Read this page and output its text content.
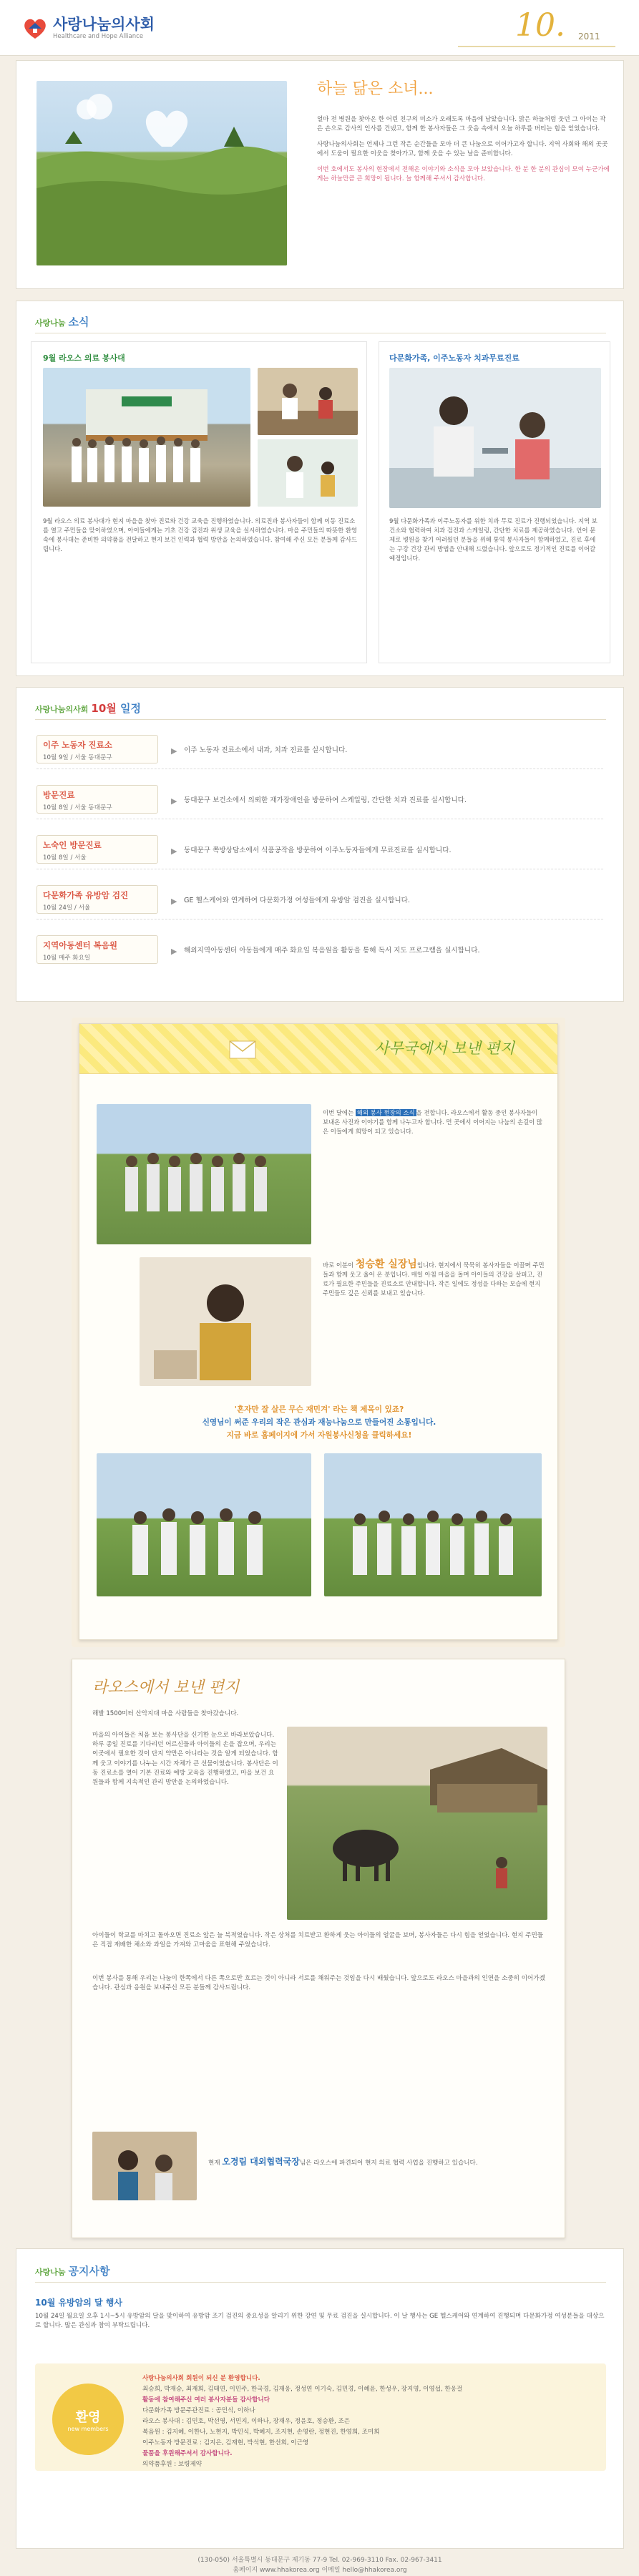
사랑나눔의사회
Healthcare and Hope Alliance	10. 2011
하늘 닮은 소녀...

얼마 전 병원을 찾아온 한 어린 친구의 미소가 오래도록 마음에 남았습니다. 맑은 하늘처럼 웃던 그 아이는 작은 손으로 감사의 인사를 건넸고, 함께 한 봉사자들은 그 웃음 속에서 오늘 하루를 버티는 힘을 얻었습니다.

사랑나눔의사회는 언제나 그런 작은 순간들을 모아 더 큰 나눔으로 이어가고자 합니다. 지역 사회와 해외 곳곳에서 도움이 필요한 이웃을 찾아가고, 함께 웃을 수 있는 날을 준비합니다.

이번 호에서도 봉사의 현장에서 전해온 이야기와 소식을 모아 보았습니다. 한 분 한 분의 관심이 모여 누군가에게는 하늘만큼 큰 희망이 됩니다. 늘 함께해 주셔서 감사합니다.

사랑나눔 소식
9월 라오스 의료 봉사대
9월 라오스 의료 봉사대가 현지 마을을 찾아 진료와 건강 교육을 진행하였습니다. 의료진과 봉사자들이 함께 이동 진료소를 열고 주민들을 맞이하였으며, 아이들에게는 기초 건강 검진과 위생 교육을 실시하였습니다. 마을 주민들의 따뜻한 환영 속에 봉사대는 준비한 의약품을 전달하고 현지 보건 인력과 협력 방안을 논의하였습니다. 참여해 주신 모든 분들께 감사드립니다.
다문화가족, 이주노동자 치과무료진료
9월 다문화가족과 이주노동자를 위한 치과 무료 진료가 진행되었습니다. 지역 보건소와 협력하여 치과 검진과 스케일링, 간단한 치료를 제공하였습니다. 언어 문제로 병원을 찾기 어려웠던 분들을 위해 통역 봉사자들이 함께하였고, 진료 후에는 구강 건강 관리 방법을 안내해 드렸습니다. 앞으로도 정기적인 진료를 이어갈 예정입니다.
사랑나눔의사회 10월 일정
이주 노동자 진료소
10월 9일 / 서울 동대문구
▶ 이주 노동자 진료소에서 내과, 치과 진료를 실시합니다.
방문진료
10월 8일 / 서울 동대문구
▶ 동대문구 보건소에서 의뢰한 재가장애인을 방문하여 스케일링, 간단한 치과 진료를 실시합니다.
노숙인 방문진료
10월 8일 / 서울
▶ 동대문구 쪽방상담소에서 식품공작을 방문하여 이주노동자들에게 무료진료를 실시합니다.
다문화가족 유방암 검진
10월 24일 / 서울
▶ GE 헬스케어와 연계하여 다문화가정 여성들에게 유방암 검진을 실시합니다.
지역아동센터 복음원
10월 매주 화요일
▶ 해외지역아동센터 아동들에게 매주 화요일 복음원을 활동을 통해 독서 지도 프로그램을 실시합니다.
사무국에서 보낸 편지
이번 달에는 해외 봉사 현장의 소식 을 전합니다. 라오스에서 활동 중인 봉사자들이 보내온 사진과 이야기를 함께 나누고자 합니다. 먼 곳에서 이어지는 나눔의 손길이 많은 이들에게 희망이 되고 있습니다.
바로 이분이 청승환 실장님입니다. 현지에서 묵묵히 봉사자들을 이끌며 주민들과 함께 웃고 울어 온 분입니다. 매일 아침 마을을 돌며 아이들의 건강을 살피고, 진료가 필요한 주민들을 진료소로 안내합니다. 작은 일에도 정성을 다하는 모습에 현지 주민들도 깊은 신뢰를 보내고 있습니다.
'혼자만 잘 살믄 무슨 재민겨' 라는 책 제목이 있죠?
신영님이 써준 우리의 작은 관심과 재능나눔으로 만들어진 소통입니다.
지금 바로 홈페이지에 가서 자원봉사신청을 클릭하세요!
라오스에서 보낸 편지
해발 1500미터 산악지대 마을 사람들을 찾아갔습니다.
마을의 아이들은 처음 보는 봉사단을 신기한 눈으로 바라보았습니다. 하루 종일 진료를 기다리던 어르신들과 아이들의 손을 잡으며, 우리는 이곳에서 필요한 것이 단지 약만은 아니라는 것을 알게 되었습니다. 함께 웃고 이야기를 나누는 시간 자체가 큰 선물이었습니다. 봉사단은 이동 진료소를 열어 기본 진료와 예방 교육을 진행하였고, 마을 보건 요원들과 함께 지속적인 관리 방안을 논의하였습니다.
아이들이 학교를 마치고 돌아오면 진료소 앞은 늘 북적였습니다. 작은 상처를 치료받고 환하게 웃는 아이들의 얼굴을 보며, 봉사자들은 다시 힘을 얻었습니다. 현지 주민들은 직접 재배한 채소와 과일을 가져와 고마움을 표현해 주었습니다.
이번 봉사를 통해 우리는 나눔이 한쪽에서 다른 쪽으로만 흐르는 것이 아니라 서로를 채워주는 것임을 다시 배웠습니다. 앞으로도 라오스 마을과의 인연을 소중히 이어가겠습니다. 관심과 응원을 보내주신 모든 분들께 감사드립니다.
현재 오경림 대외협력국장님은 라오스에 파견되어 현지 의료 협력 사업을 진행하고 있습니다.
사랑나눔 공지사항
10월 유방암의 달 행사
10월 24일 월요일 오후 1시~5시 유방암의 달을 맞이하여 유방암 조기 검진의 중요성을 알리기 위한 강연 및 무료 검진을 실시합니다. 이 날 행사는 GE 헬스케어와 연계하여 진행되며 다문화가정 여성분들을 대상으로 합니다. 많은 관심과 참여 부탁드립니다.
환영
new members
사랑나눔의사회 회원이 되신 분 환영합니다.
최승희, 박재승, 최재희, 김태연, 이민주, 한국경, 김재웅, 정성연 이기숙, 김민경, 이혜윤, 한성우, 장지영, 이영섭, 한웅걸
활동에 참여해주신 여러 봉사자분들 감사합니다
다문화가족 방문주관진료 : 공민식, 이하나
라오스 봉사대 : 김민호, 박선영, 서민지, 이하나, 장재우, 정윤호, 정승환, 조은
복음원 : 김지혜, 이한나, 노현지, 박민식, 박혜지, 조지현, 손영란, 정현진, 한영희, 조미희
이주노동자 방문진료 : 김지은, 김재현, 박석현, 한선희, 이근영
물품을 후원해주셔서 감사합니다.
의약품후원 : 보령제약
(130-050) 서울특별시 동대문구 제기동 77-9 Tel. 02-969-3110 Fax. 02-967-3411
홈페이지 www.hhakorea.org 이메일 hello@hhakorea.org
